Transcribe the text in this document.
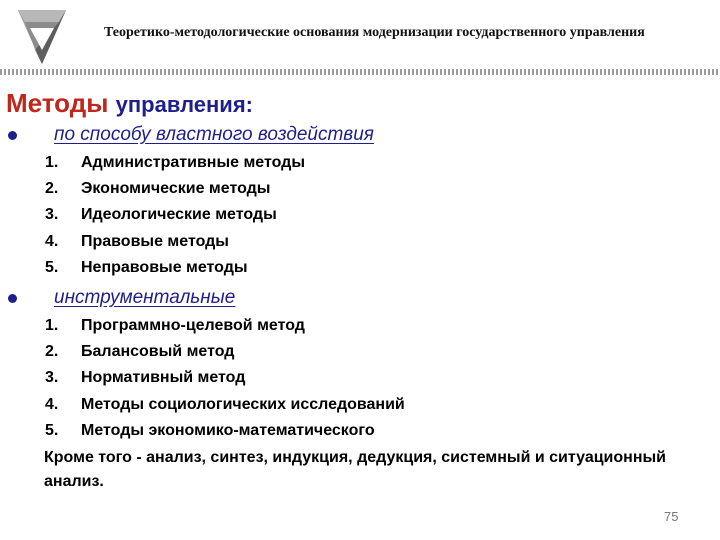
Теоретико-методологические основания модернизации государственного управления
Методы управления:
по способу властного воздействия
1.	Административные методы
2.	Экономические методы
3.	Идеологические методы
4.	Правовые методы
5.	Неправовые методы
инструментальные
1.	Программно-целевой метод
2.	Балансовый метод
3.	Нормативный метод
4.	Методы социологических исследований
5.	Методы экономико-математического

Кроме того - анализ, синтез, индукция, дедукция, системный и ситуационный анализ.

75
